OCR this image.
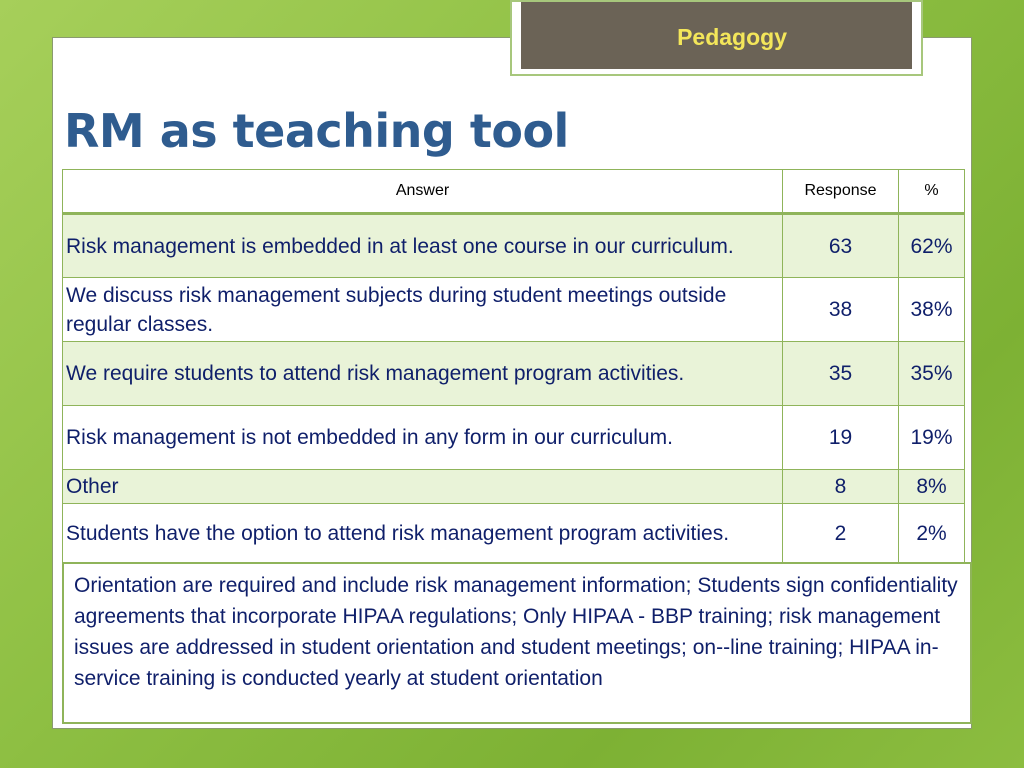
Pedagogy
RM as teaching tool
Answer	Response	%
Risk management is embedded in at least one course in our curriculum.	63	62%
We discuss risk management subjects during student meetings outside regular classes.	38	38%
We require students to attend risk management program activities.	35	35%
Risk management is not embedded in any form in our curriculum.	19	19%
Other	8	8%
Students have the option to attend risk management program activities.	2	2%
Orientation are required and include risk management information; Students sign confidentiality agreements that incorporate HIPAA regulations; Only HIPAA - BBP training; risk management issues are addressed in student orientation and student meetings; on--line training; HIPAA in-service training is conducted yearly at student orientation
